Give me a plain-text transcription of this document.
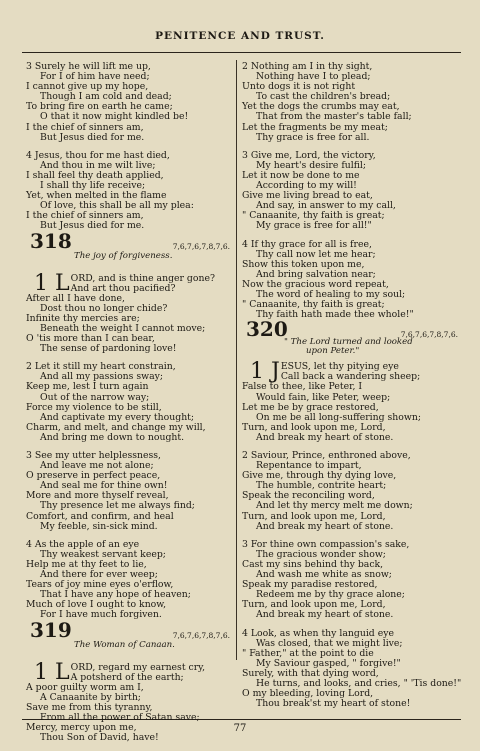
PENITENCE AND TRUST.
3 Surely he will lift me up,
For I of him have need;
I cannot give up my hope,
Though I am cold and dead;
To bring fire on earth he came;
O that it now might kindled be!
I the chief of sinners am,
But Jesus died for me.
4 Jesus, thou for me hast died,
And thou in me wilt live;
I shall feel thy death applied,
I shall thy life receive;
Yet, when melted in the flame
Of love, this shall be all my plea:
I the chief of sinners am,
But Jesus died for me.
318	7,6,7,6,7,8,7,6.
The joy of forgiveness.
1 L ORD, and is thine anger gone?
And art thou pacified?
After all I have done,
Dost thou no longer chide?
Infinite thy mercies are;
Beneath the weight I cannot move;
O 'tis more than I can bear,
The sense of pardoning love!
2 Let it still my heart constrain,
And all my passions sway;
Keep me, lest I turn again
Out of the narrow way;
Force my violence to be still,
And captivate my every thought;
Charm, and melt, and change my will,
And bring me down to nought.
3 See my utter helplessness,
And leave me not alone;
O preserve in perfect peace,
And seal me for thine own!
More and more thyself reveal,
Thy presence let me always find;
Comfort, and confirm, and heal
My feeble, sin-sick mind.
4 As the apple of an eye
Thy weakest servant keep;
Help me at thy feet to lie,
And there for ever weep;
Tears of joy mine eyes o'erflow,
That I have any hope of heaven;
Much of love I ought to know,
For I have much forgiven.
319	7,6,7,6,7,8,7,6.
The Woman of Canaan.
1 L ORD, regard my earnest cry,
A potsherd of the earth;
A poor guilty worm am I,
A Canaanite by birth;
Save me from this tyranny,
From all the power of Satan save;
Mercy, mercy upon me,
Thou Son of David, have!
2 Nothing am I in thy sight,
Nothing have I to plead;
Unto dogs it is not right
To cast the children's bread;
Yet the dogs the crumbs may eat,
That from the master's table fall;
Let the fragments be my meat;
Thy grace is free for all.
3 Give me, Lord, the victory,
My heart's desire fulfil;
Let it now be done to me
According to my will!
Give me living bread to eat,
And say, in answer to my call,
" Canaanite, thy faith is great;
My grace is free for all!"
4 If thy grace for all is free,
Thy call now let me hear;
Show this token upon me,
And bring salvation near;
Now the gracious word repeat,
The word of healing to my soul;
" Canaanite, thy faith is great;
Thy faith hath made thee whole!"
320	7,6,7,6,7,8,7,6.
" The Lord turned and looked
upon Peter."
1 J ESUS, let thy pitying eye
Call back a wandering sheep;
False to thee, like Peter, I
Would fain, like Peter, weep;
Let me be by grace restored,
On me be all long-suffering shown;
Turn, and look upon me, Lord,
And break my heart of stone.
2 Saviour, Prince, enthroned above,
Repentance to impart,
Give me, through thy dying love,
The humble, contrite heart;
Speak the reconciling word,
And let thy mercy melt me down;
Turn, and look upon me, Lord,
And break my heart of stone.
3 For thine own compassion's sake,
The gracious wonder show;
Cast my sins behind thy back,
And wash me white as snow;
Speak my paradise restored,
Redeem me by thy grace alone;
Turn, and look upon me, Lord,
And break my heart of stone.
4 Look, as when thy languid eye
Was closed, that we might live;
" Father," at the point to die
My Saviour gasped, " forgive!"
Surely, with that dying word,
He turns, and looks, and cries, " 'Tis done!"
O my bleeding, loving Lord,
Thou break'st my heart of stone!
77
